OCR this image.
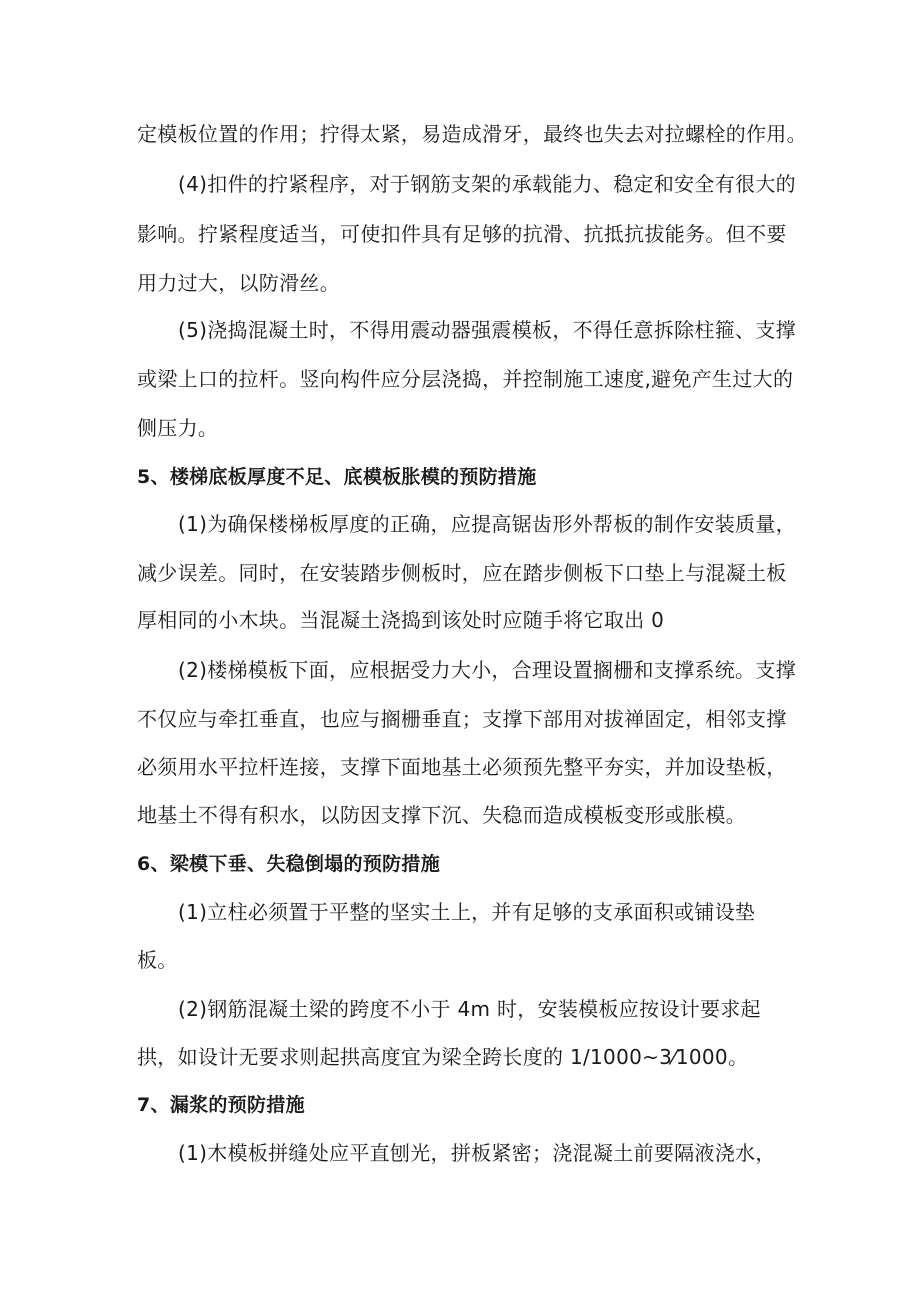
定模板位置的作用；拧得太紧，易造成滑牙，最终也失去对拉螺栓的作用。
(4)扣件的拧紧程序，对于钢筋支架的承载能力、稳定和安全有很大的
影响。拧紧程度适当，可使扣件具有足够的抗滑、抗抵抗拔能务。但不要
用力过大，以防滑丝。
(5)浇捣混凝土时，不得用震动器强震模板，不得任意拆除柱箍、支撑
或梁上口的拉杆。竖向构件应分层浇捣，并控制施工速度,避免产生过大的
侧压力。
5、楼梯底板厚度不足、底模板胀模的预防措施
(1)为确保楼梯板厚度的正确，应提高锯齿形外帮板的制作安装质量，
减少误差。同时，在安装踏步侧板时，应在踏步侧板下口垫上与混凝土板
厚相同的小木块。当混凝土浇捣到该处时应随手将它取出 0
(2)楼梯模板下面，应根据受力大小，合理设置搁栅和支撑系统。支撑
不仅应与牵扛垂直，也应与搁栅垂直；支撑下部用对拔禅固定，相邻支撑
必须用水平拉杆连接，支撑下面地基土必须预先整平夯实，并加设垫板，
地基土不得有积水，以防因支撑下沉、失稳而造成模板变形或胀模。
6、梁模下垂、失稳倒塌的预防措施
(1)立柱必须置于平整的坚实土上，并有足够的支承面积或铺设垫
板。
(2)钢筋混凝土梁的跨度不小于 4m 时，安装模板应按设计要求起
拱，如设计无要求则起拱高度宜为梁全跨长度的 1/1000~3⁄1000。
7、漏浆的预防措施
(1)木模板拼缝处应平直刨光，拼板紧密；浇混凝土前要隔液浇水，
